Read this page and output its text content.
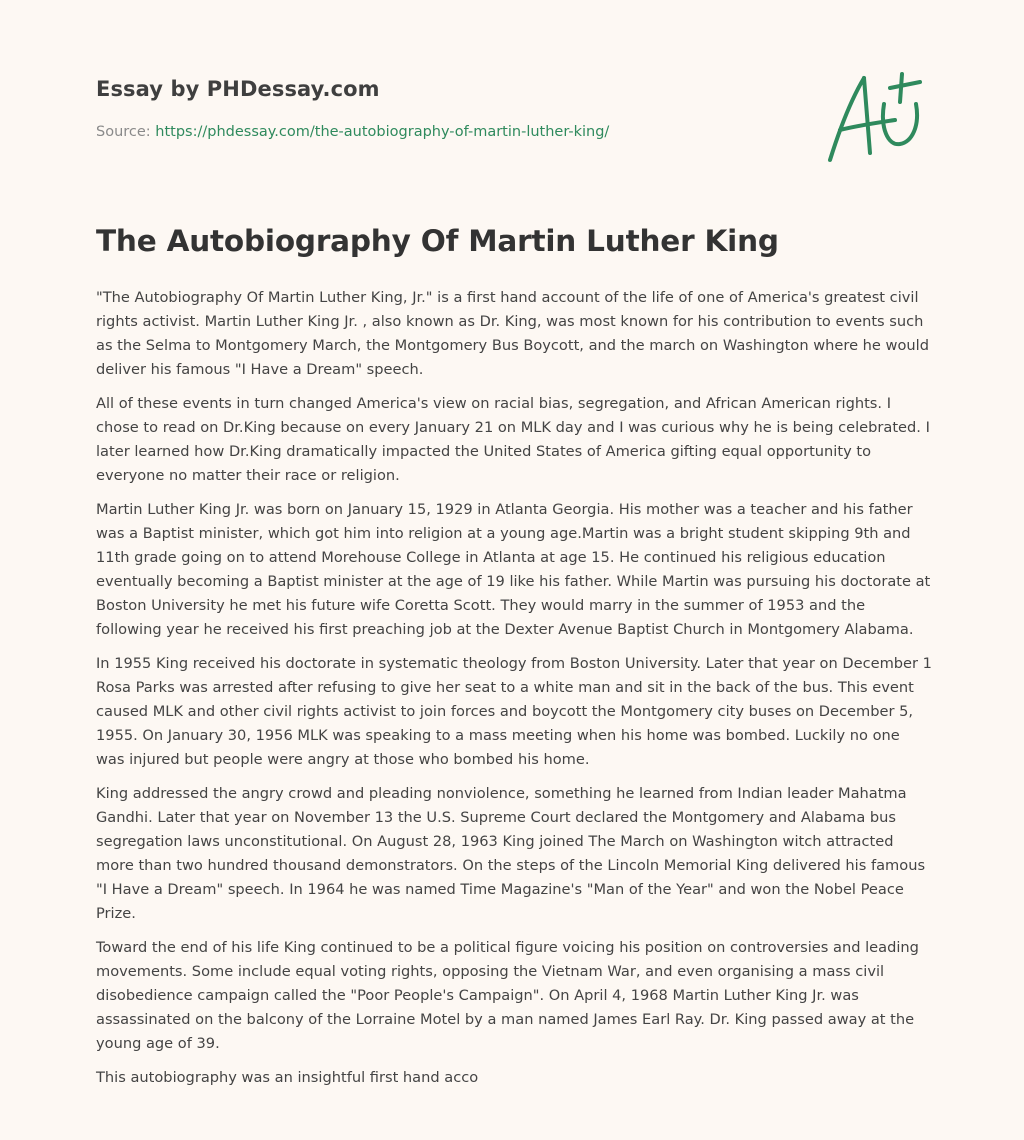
Essay by PHDessay.com
Source: https://phdessay.com/the-autobiography-of-martin-luther-king/
The Autobiography Of Martin Luther King

"The Autobiography Of Martin Luther King, Jr." is a first hand account of the life of one of America's greatest civil rights activist. Martin Luther King Jr. , also known as Dr. King, was most known for his contribution to events such as the Selma to Montgomery March, the Montgomery Bus Boycott, and the march on Washington where he would deliver his famous "I Have a Dream" speech.

All of these events in turn changed America's view on racial bias, segregation, and African American rights. I chose to read on Dr.King because on every January 21 on MLK day and I was curious why he is being celebrated. I later learned how Dr.King dramatically impacted the United States of America gifting equal opportunity to everyone no matter their race or religion.

Martin Luther King Jr. was born on January 15, 1929 in Atlanta Georgia. His mother was a teacher and his father was a Baptist minister, which got him into religion at a young age.Martin was a bright student skipping 9th and 11th grade going on to attend Morehouse College in Atlanta at age 15. He continued his religious education eventually becoming a Baptist minister at the age of 19 like his father. While Martin was pursuing his doctorate at Boston University he met his future wife Coretta Scott. They would marry in the summer of 1953 and the following year he received his first preaching job at the Dexter Avenue Baptist Church in Montgomery Alabama.

In 1955 King received his doctorate in systematic theology from Boston University. Later that year on December 1 Rosa Parks was arrested after refusing to give her seat to a white man and sit in the back of the bus. This event caused MLK and other civil rights activist to join forces and boycott the Montgomery city buses on December 5, 1955. On January 30, 1956 MLK was speaking to a mass meeting when his home was bombed. Luckily no one was injured but people were angry at those who bombed his home.

King addressed the angry crowd and pleading nonviolence, something he learned from Indian leader Mahatma Gandhi. Later that year on November 13 the U.S. Supreme Court declared the Montgomery and Alabama bus segregation laws unconstitutional. On August 28, 1963 King joined The March on Washington witch attracted more than two hundred thousand demonstrators. On the steps of the Lincoln Memorial King delivered his famous "I Have a Dream" speech. In 1964 he was named Time Magazine's "Man of the Year" and won the Nobel Peace Prize.

Toward the end of his life King continued to be a political figure voicing his position on controversies and leading movements. Some include equal voting rights, opposing the Vietnam War, and even organising a mass civil disobedience campaign called the "Poor People's Campaign". On April 4, 1968 Martin Luther King Jr. was assassinated on the balcony of the Lorraine Motel by a man named James Earl Ray. Dr. King passed away at the young age of 39.

This autobiography was an insightful first hand acco
